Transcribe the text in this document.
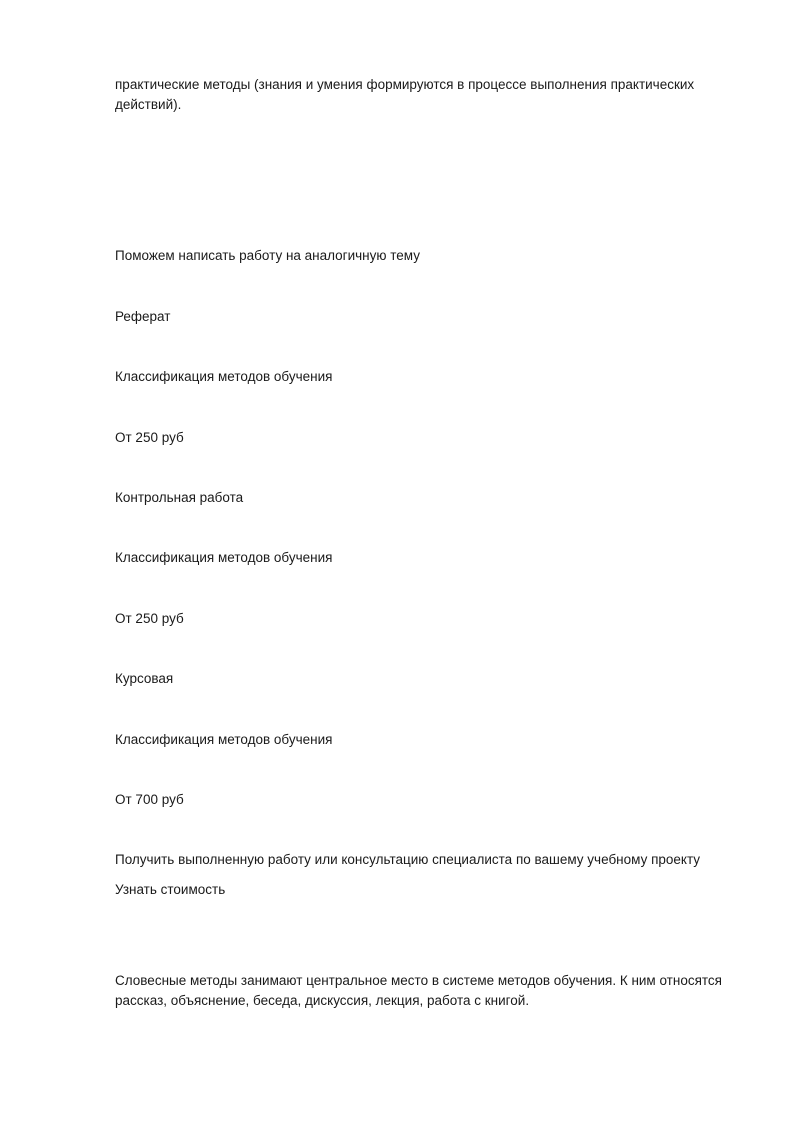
практические методы (знания и умения формируются в процессе выполнения практических
действий).
Поможем написать работу на аналогичную тему
Реферат
Классификация методов обучения
От 250 руб
Контрольная работа
Классификация методов обучения
От 250 руб
Курсовая
Классификация методов обучения
От 700 руб
Получить выполненную работу или консультацию специалиста по вашему учебному проекту
Узнать стоимость
Словесные методы занимают центральное место в системе методов обучения. К ним относятся
рассказ, объяснение, беседа, дискуссия, лекция, работа с книгой.
